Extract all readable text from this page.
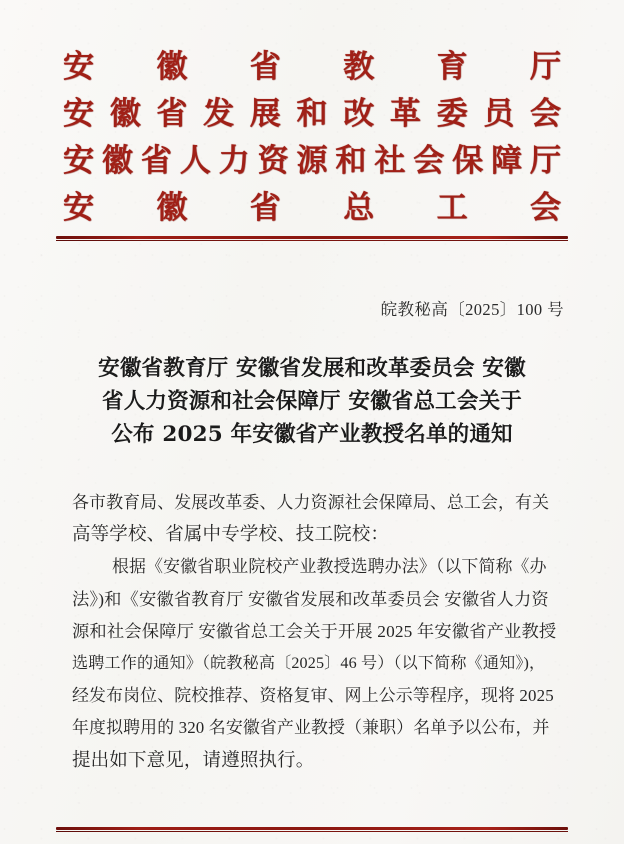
安徽省教育厅
安徽省发展和改革委员会
安徽省人力资源和社会保障厅
安徽省总工会
皖教秘高〔2025〕100 号
安徽省教育厅 安徽省发展和改革委员会 安徽
省人力资源和社会保障厅 安徽省总工会关于
公布 2025 年安徽省产业教授名单的通知
各市教育局、发展改革委、人力资源社会保障局、总工会，有关
高等学校、省属中专学校、技工院校：
根据《安徽省职业院校产业教授选聘办法》（以下简称《办
法》)和《安徽省教育厅 安徽省发展和改革委员会 安徽省人力资
源和社会保障厅 安徽省总工会关于开展 2025 年安徽省产业教授
选聘工作的通知》（皖教秘高〔2025〕46 号）（以下简称《通知》)，
经发布岗位、院校推荐、资格复审、网上公示等程序，现将 2025
年度拟聘用的 320 名安徽省产业教授（兼职）名单予以公布，并
提出如下意见，请遵照执行。
